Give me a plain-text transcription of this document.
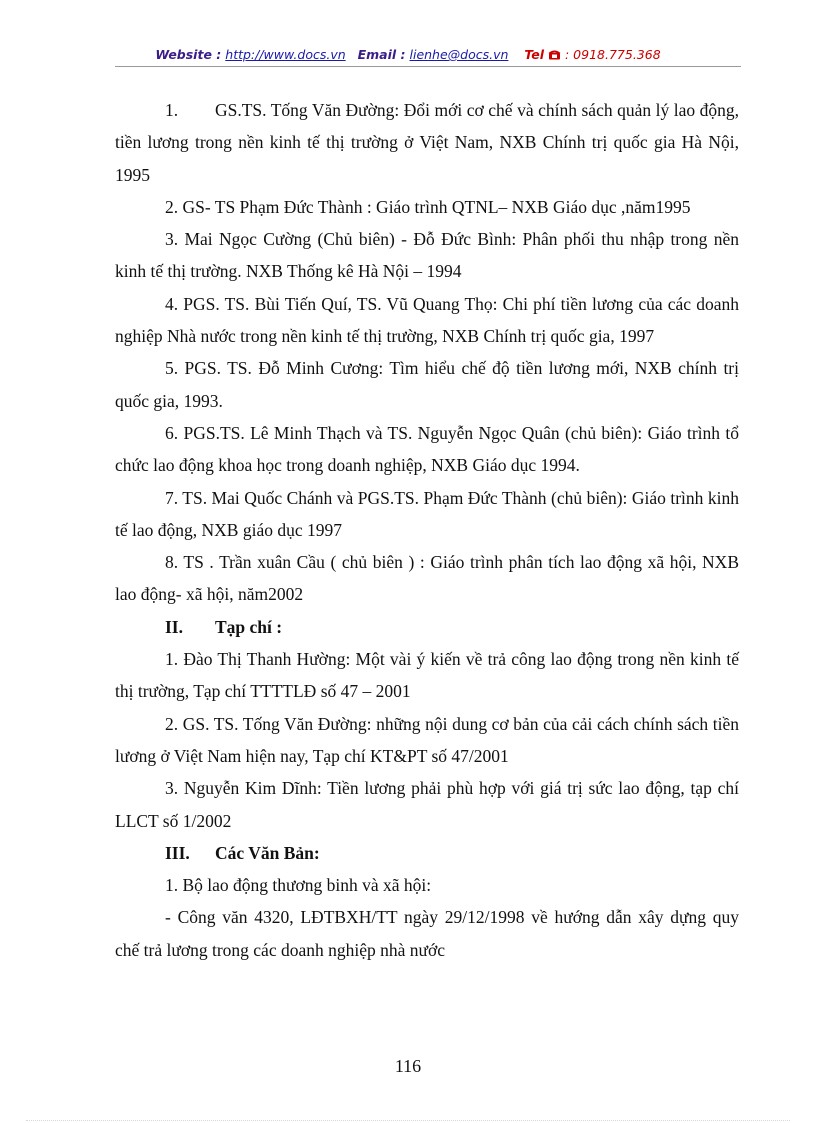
Website : http://www.docs.vn Email : lienhe@docs.vn Tel : 0918.775.368

1. GS.TS. Tống Văn Đường: Đổi mới cơ chế và chính sách quản lý lao động, tiền lương trong nền kinh tế thị trường ở Việt Nam, NXB Chính trị quốc gia Hà Nội, 1995

2. GS- TS Phạm Đức Thành : Giáo trình QTNL– NXB Giáo dục ,năm1995

3. Mai Ngọc Cường (Chủ biên) - Đỗ Đức Bình: Phân phối thu nhập trong nền kinh tế thị trường. NXB Thống kê Hà Nội – 1994

4. PGS. TS. Bùi Tiến Quí, TS. Vũ Quang Thọ: Chi phí tiền lương của các doanh nghiệp Nhà nước trong nền kinh tế thị trường, NXB Chính trị quốc gia, 1997

5. PGS. TS. Đỗ Minh Cương: Tìm hiểu chế độ tiền lương mới, NXB chính trị quốc gia, 1993.

6. PGS.TS. Lê Minh Thạch và TS. Nguyễn Ngọc Quân (chủ biên): Giáo trình tổ chức lao động khoa học trong doanh nghiệp, NXB Giáo dục 1994.

7. TS. Mai Quốc Chánh và PGS.TS. Phạm Đức Thành (chủ biên): Giáo trình kinh tế lao động, NXB giáo dục 1997

8. TS . Trần xuân Cầu ( chủ biên ) : Giáo trình phân tích lao động xã hội, NXB lao động- xã hội, năm2002

II. Tạp chí :

1. Đào Thị Thanh Hường: Một vài ý kiến về trả công lao động trong nền kinh tế thị trường, Tạp chí TTTTLĐ số 47 – 2001

2. GS. TS. Tống Văn Đường: những nội dung cơ bản của cải cách chính sách tiền lương ở Việt Nam hiện nay, Tạp chí KT&PT số 47/2001

3. Nguyễn Kim Dĩnh: Tiền lương phải phù hợp với giá trị sức lao động, tạp chí LLCT số 1/2002

III. Các Văn Bản:

1. Bộ lao động thương binh và xã hội:

- Công văn 4320, LĐTBXH/TT ngày 29/12/1998 về hướng dẫn xây dựng quy chế trả lương trong các doanh nghiệp nhà nước

116
